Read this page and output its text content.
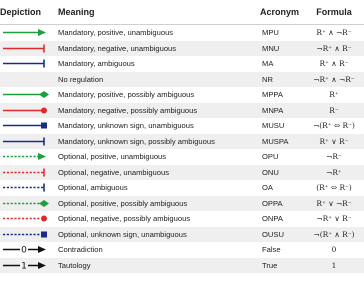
Depiction	Meaning	Acronym	Formula

	Mandatory, positive, unambiguous	MPU	R⁺ ∧ ¬R⁻

	Mandatory, negative, unambiguous	MNU	¬R⁺ ∧ R⁻

	Mandatory, ambiguous	MA	R⁺ ∧ R⁻

	No regulation	NR	¬R⁺ ∧ ¬R⁻

	Mandatory, positive, possibly ambiguous	MPPA	R⁺

	Mandatory, negative, possibly ambiguous	MNPA	R⁻

	Mandatory, unknown sign, unambiguous	MUSU	¬(R⁺ ⇔ R⁻)

	Mandatory, unknown sign, possibly ambiguous	MUSPA	R⁺ ∨ R⁻

	Optional, positive, unambiguous	OPU	¬R⁻

	Optional, negative, unambiguous	ONU	¬R⁺

	Optional, ambiguous	OA	(R⁺ ⇔ R⁻)

	Optional, positive, possibly ambiguous	OPPA	R⁺ ∨ ¬R⁻

	Optional, negative, possibly ambiguous	ONPA	¬R⁺ ∨ R⁻

	Optional, unknown sign, unambiguous	OUSU	¬(R⁺ ∧ R⁻)

0	Contradiction	False	0

1	Tautology	True	1
